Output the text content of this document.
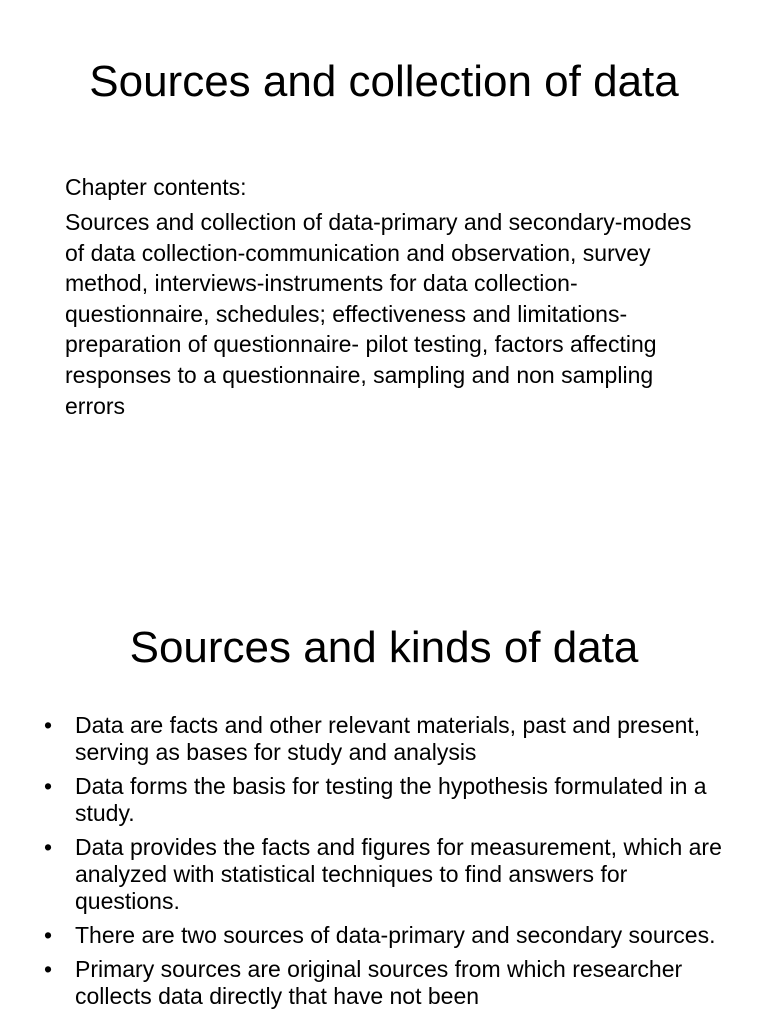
Sources and collection of data

Chapter contents:

Sources and collection of data-primary and secondary-modes of data collection-communication and observation, survey method, interviews-instruments for data collection-questionnaire, schedules; effectiveness and limitations- preparation of questionnaire- pilot testing, factors affecting responses to a questionnaire, sampling and non sampling errors

Sources and kinds of data
• Data are facts and other relevant materials, past and present, serving as bases for study and analysis
• Data forms the basis for testing the hypothesis formulated in a study.
• Data provides the facts and figures for measurement, which are analyzed with statistical techniques to find answers for questions.
• There are two sources of data-primary and secondary sources.
• Primary sources are original sources from which researcher collects data directly that have not been
